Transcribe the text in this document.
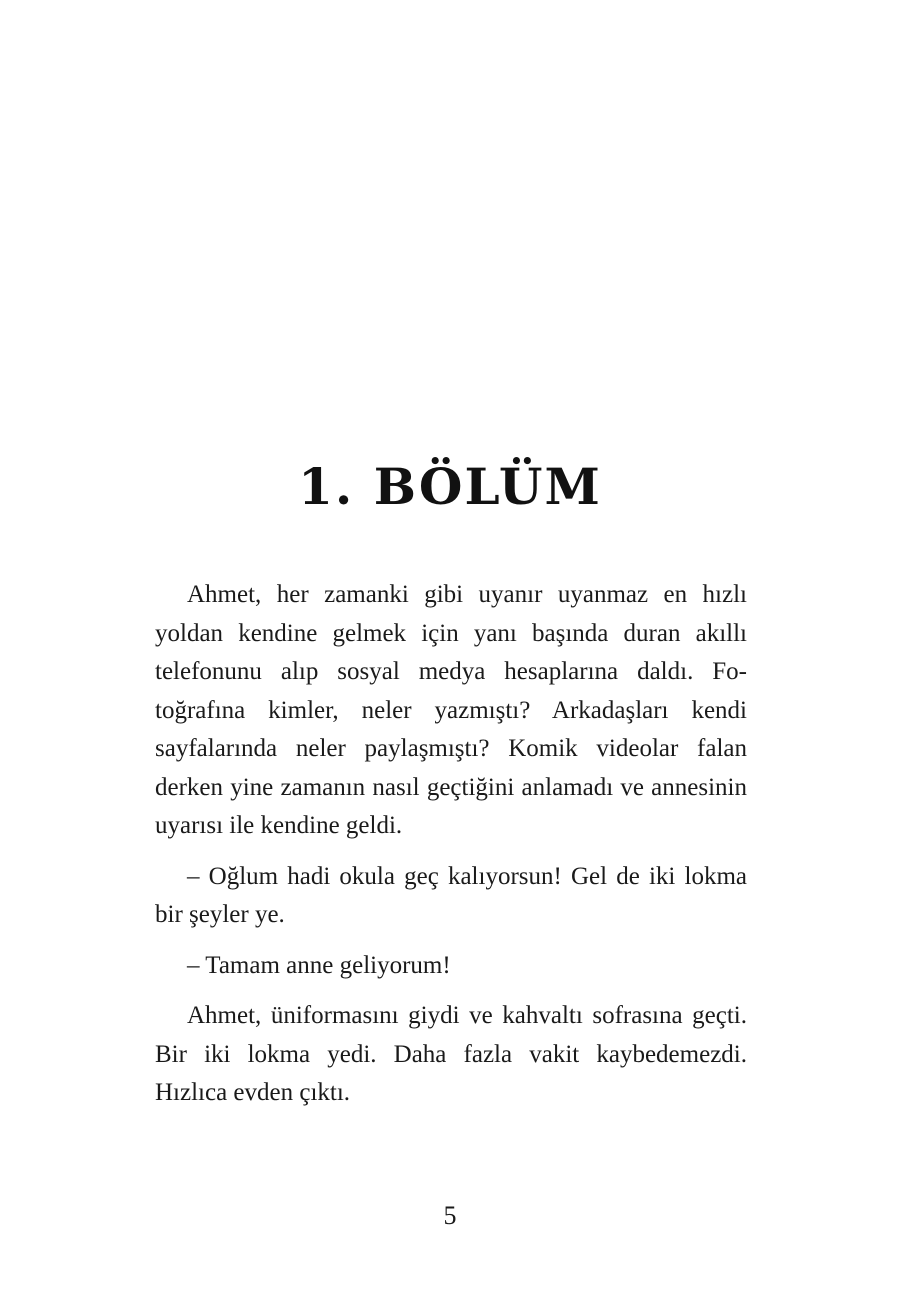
1. BÖLÜM

Ahmet, her zamanki gibi uyanır uyanmaz en hızlı yoldan kendine gelmek için yanı başında duran akıllı telefonunu alıp sosyal medya hesaplarına daldı. Fotoğrafına kimler, neler yazmıştı? Arkadaşları kendi sayfalarında neler paylaşmıştı? Komik videolar falan derken yine zamanın nasıl geçtiğini anlamadı ve annesinin uyarısı ile kendine geldi.

– Oğlum hadi okula geç kalıyorsun! Gel de iki lokma bir şeyler ye.

– Tamam anne geliyorum!

Ahmet, üniformasını giydi ve kahvaltı sofrasına geçti. Bir iki lokma yedi. Daha fazla vakit kaybedemezdi. Hızlıca evden çıktı.

5
